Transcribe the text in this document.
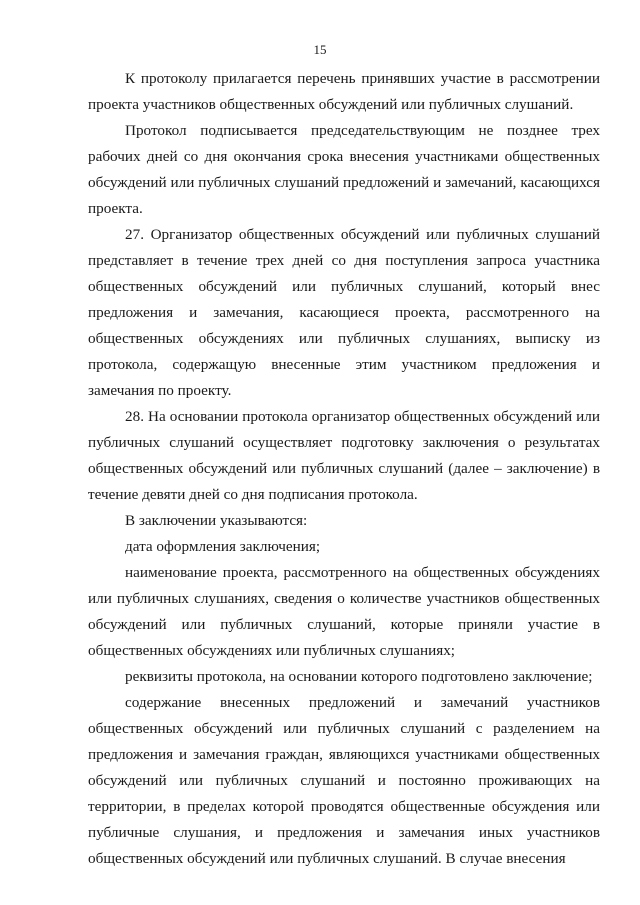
15

К протоколу прилагается перечень принявших участие в рассмотрении проекта участников общественных обсуждений или публичных слушаний.

Протокол подписывается председательствующим не позднее трех рабочих дней со дня окончания срока внесения участниками общественных обсуждений или публичных слушаний предложений и замечаний, касающихся проекта.

27. Организатор общественных обсуждений или публичных слушаний представляет в течение трех дней со дня поступления запроса участника общественных обсуждений или публичных слушаний, который внес предложения и замечания, касающиеся проекта, рассмотренного на общественных обсуждениях или публичных слушаниях, выписку из протокола, содержащую внесенные этим участником предложения и замечания по проекту.

28. На основании протокола организатор общественных обсуждений или публичных слушаний осуществляет подготовку заключения о результатах общественных обсуждений или публичных слушаний (далее – заключение) в течение девяти дней со дня подписания протокола.

В заключении указываются:

дата оформления заключения;

наименование проекта, рассмотренного на общественных обсуждениях или публичных слушаниях, сведения о количестве участников общественных обсуждений или публичных слушаний, которые приняли участие в общественных обсуждениях или публичных слушаниях;

реквизиты протокола, на основании которого подготовлено заключение;

содержание внесенных предложений и замечаний участников общественных обсуждений или публичных слушаний с разделением на предложения и замечания граждан, являющихся участниками общественных обсуждений или публичных слушаний и постоянно проживающих на территории, в пределах которой проводятся общественные обсуждения или публичные слушания, и предложения и замечания иных участников общественных обсуждений или публичных слушаний. В случае внесения
